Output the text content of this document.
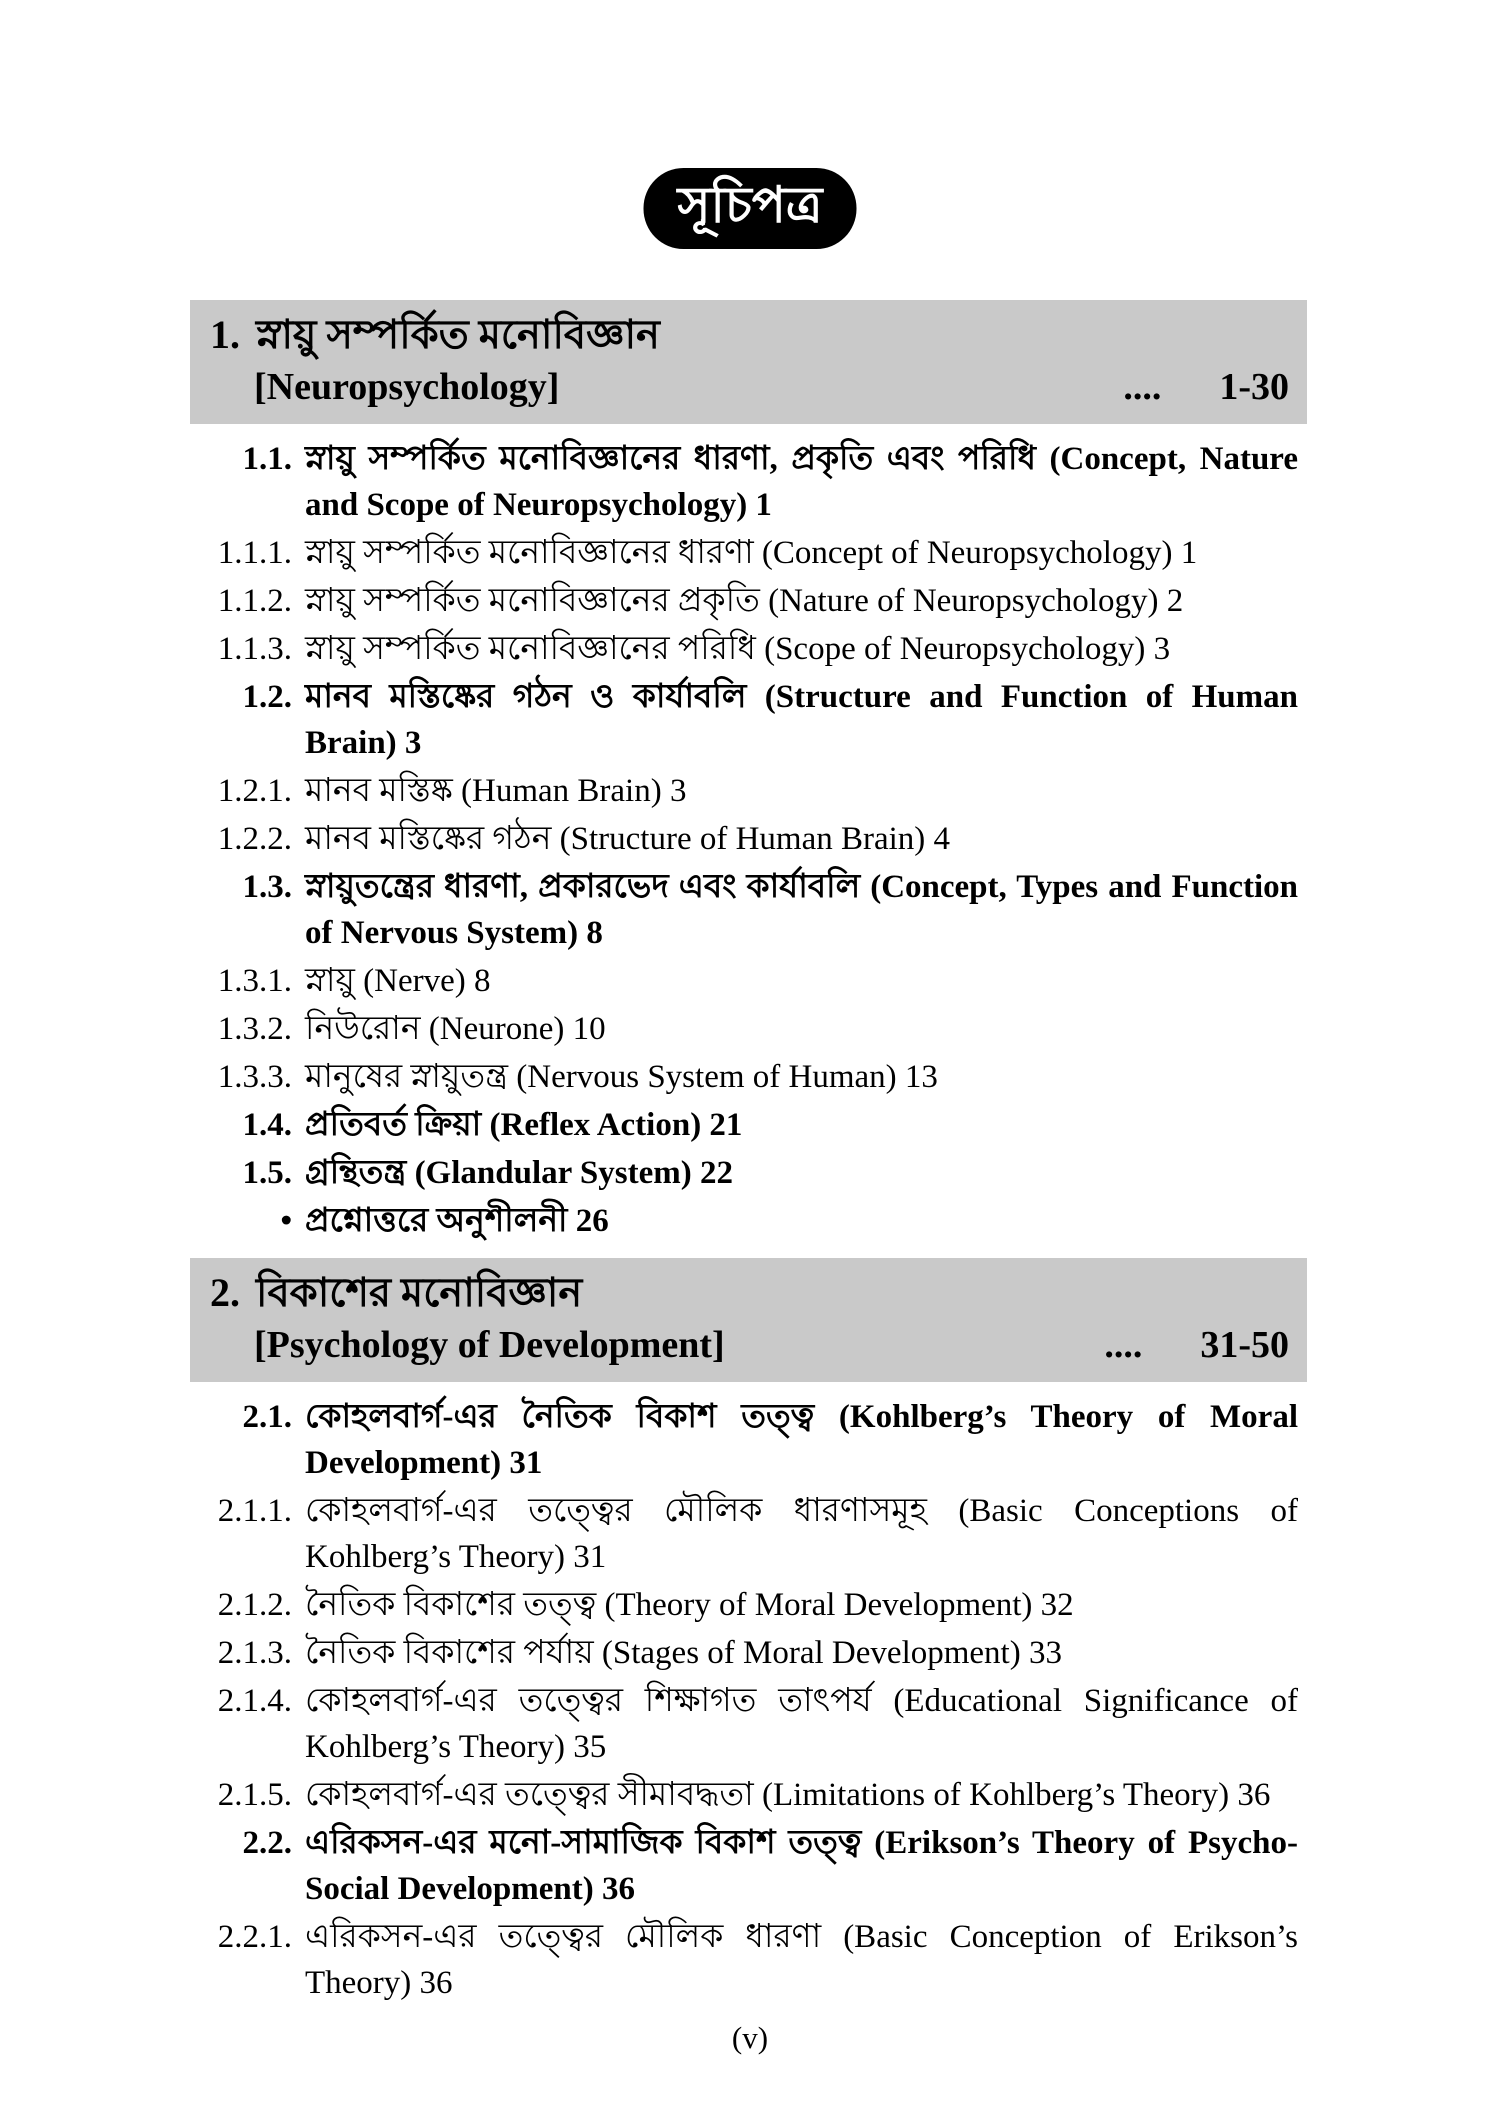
সূচিপত্র
1. স্নায়ু সম্পর্কিত মনোবিজ্ঞান
[Neuropsychology]	.... 1-30
1.1. স্নায়ু সম্পর্কিত মনোবিজ্ঞানের ধারণা, প্রকৃতি এবং পরিধি (Concept, Nature and Scope of Neuropsychology) 1
1.1.1. স্নায়ু সম্পর্কিত মনোবিজ্ঞানের ধারণা (Concept of Neuropsychology) 1
1.1.2. স্নায়ু সম্পর্কিত মনোবিজ্ঞানের প্রকৃতি (Nature of Neuropsychology) 2
1.1.3. স্নায়ু সম্পর্কিত মনোবিজ্ঞানের পরিধি (Scope of Neuropsychology) 3
1.2. মানব মস্তিষ্কের গঠন ও কার্যাবলি (Structure and Function of Human Brain) 3
1.2.1. মানব মস্তিষ্ক (Human Brain) 3
1.2.2. মানব মস্তিষ্কের গঠন (Structure of Human Brain) 4
1.3. স্নায়ুতন্ত্রের ধারণা, প্রকারভেদ এবং কার্যাবলি (Concept, Types and Function of Nervous System) 8
1.3.1. স্নায়ু (Nerve) 8
1.3.2. নিউরোন (Neurone) 10
1.3.3. মানুষের স্নায়ুতন্ত্র (Nervous System of Human) 13
1.4. প্রতিবর্ত ক্রিয়া (Reflex Action) 21
1.5. গ্রন্থিতন্ত্র (Glandular System) 22
• প্রশ্নোত্তরে অনুশীলনী 26
2. বিকাশের মনোবিজ্ঞান
[Psychology of Development]	.... 31-50
2.1. কোহলবার্গ-এর নৈতিক বিকাশ তত্ত্ব (Kohlberg’s Theory of Moral Development) 31
2.1.1. কোহলবার্গ-এর তত্ত্বের মৌলিক ধারণাসমূহ (Basic Conceptions of Kohlberg’s Theory) 31
2.1.2. নৈতিক বিকাশের তত্ত্ব (Theory of Moral Development) 32
2.1.3. নৈতিক বিকাশের পর্যায় (Stages of Moral Development) 33
2.1.4. কোহলবার্গ-এর তত্ত্বের শিক্ষাগত তাৎপর্য (Educational Significance of Kohlberg’s Theory) 35
2.1.5. কোহলবার্গ-এর তত্ত্বের সীমাবদ্ধতা (Limitations of Kohlberg’s Theory) 36
2.2. এরিকসন-এর মনো-সামাজিক বিকাশ তত্ত্ব (Erikson’s Theory of Psycho-Social Development) 36
2.2.1. এরিকসন-এর তত্ত্বের মৌলিক ধারণা (Basic Conception of Erikson’s Theory) 36
(v)
